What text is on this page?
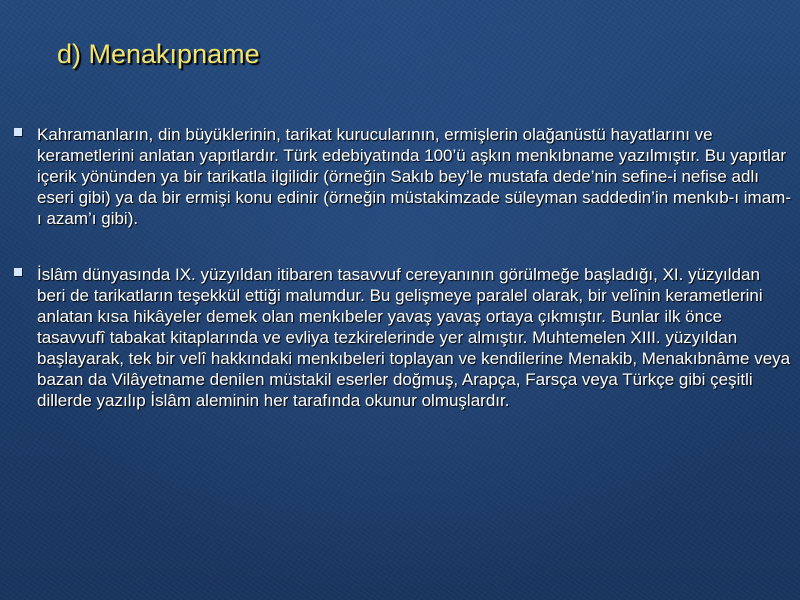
d) Menakıpname
Kahramanların, din büyüklerinin, tarikat kurucularının, ermişlerin olağanüstü hayatlarını ve kerametlerini anlatan yapıtlardır. Türk edebiyatında 100’ü aşkın menkıbname yazılmıştır. Bu yapıtlar içerik yönünden ya bir tarikatla ilgilidir (örneğin Sakıb bey’le mustafa dede’nin sefine-i nefise adlı eseri gibi) ya da bir ermişi konu edinir (örneğin müstakimzade süleyman saddedin’in menkıb-ı imam-ı azam’ı gibi).
İslâm dünyasında IX. yüzyıldan itibaren tasavvuf cereyanının görülmeğe başladığı, XI. yüzyıldan beri de tarikatların teşekkül ettiği malumdur. Bu gelişmeye paralel olarak, bir velînin kerametlerini anlatan kısa hikâyeler demek olan menkıbeler yavaş yavaş ortaya çıkmıştır. Bunlar ilk önce tasavvufî tabakat kitaplarında ve evliya tezkirelerinde yer almıştır. Muhtemelen XIII. yüzyıldan başlayarak, tek bir velî hakkındaki menkıbeleri toplayan ve kendilerine Menakib, Menakıbnâme veya bazan da Vilâyetname denilen müstakil eserler doğmuş, Arapça, Farsça veya Türkçe gibi çeşitli dillerde yazılıp İslâm aleminin her tarafında okunur olmuşlardır.
